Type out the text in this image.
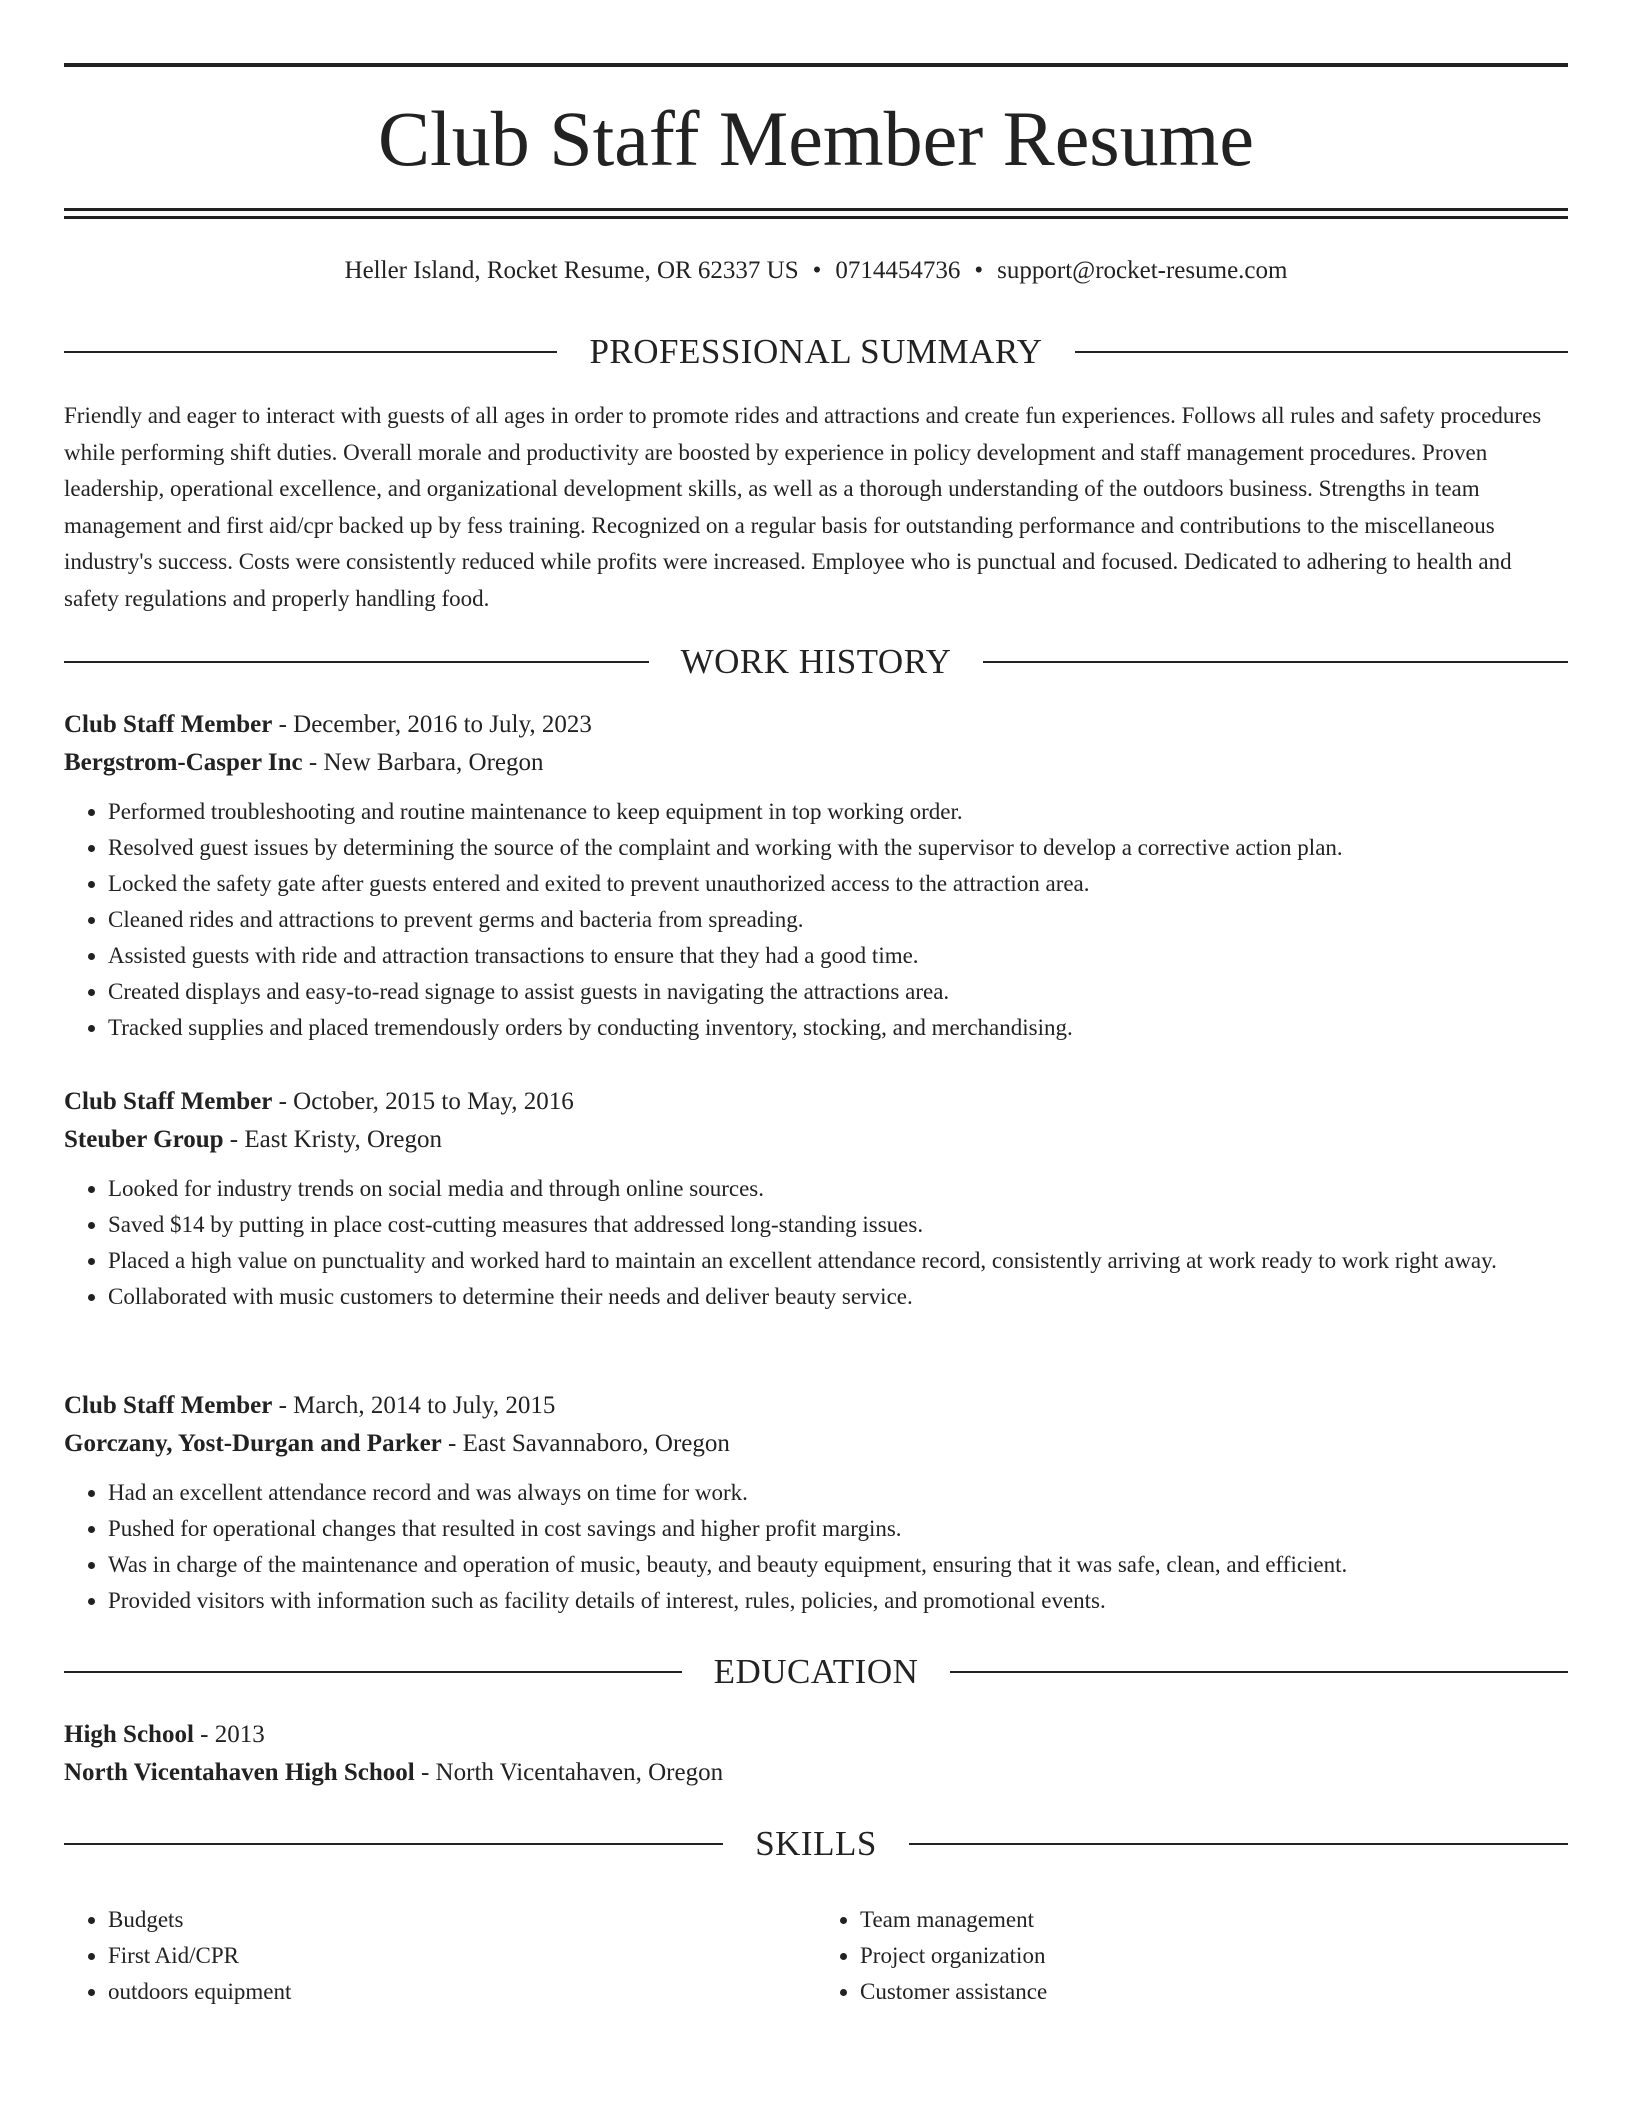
Club Staff Member Resume
Heller Island, Rocket Resume, OR 62337 US • 0714454736 • support@rocket-resume.com
PROFESSIONAL SUMMARY

Friendly and eager to interact with guests of all ages in order to promote rides and attractions and create fun experiences. Follows all rules and safety procedures while performing shift duties. Overall morale and productivity are boosted by experience in policy development and staff management procedures. Proven leadership, operational excellence, and organizational development skills, as well as a thorough understanding of the outdoors business. Strengths in team management and first aid/cpr backed up by fess training. Recognized on a regular basis for outstanding performance and contributions to the miscellaneous industry's success. Costs were consistently reduced while profits were increased. Employee who is punctual and focused. Dedicated to adhering to health and safety regulations and properly handling food.

WORK HISTORY
Club Staff Member - December, 2016 to July, 2023
Bergstrom-Casper Inc - New Barbara, Oregon
• Performed troubleshooting and routine maintenance to keep equipment in top working order.
• Resolved guest issues by determining the source of the complaint and working with the supervisor to develop a corrective action plan.
• Locked the safety gate after guests entered and exited to prevent unauthorized access to the attraction area.
• Cleaned rides and attractions to prevent germs and bacteria from spreading.
• Assisted guests with ride and attraction transactions to ensure that they had a good time.
• Created displays and easy-to-read signage to assist guests in navigating the attractions area.
• Tracked supplies and placed tremendously orders by conducting inventory, stocking, and merchandising.
Club Staff Member - October, 2015 to May, 2016
Steuber Group - East Kristy, Oregon
• Looked for industry trends on social media and through online sources.
• Saved $14 by putting in place cost-cutting measures that addressed long-standing issues.
• Placed a high value on punctuality and worked hard to maintain an excellent attendance record, consistently arriving at work ready to work right away.
• Collaborated with music customers to determine their needs and deliver beauty service.
Club Staff Member - March, 2014 to July, 2015
Gorczany, Yost-Durgan and Parker - East Savannaboro, Oregon
• Had an excellent attendance record and was always on time for work.
• Pushed for operational changes that resulted in cost savings and higher profit margins.
• Was in charge of the maintenance and operation of music, beauty, and beauty equipment, ensuring that it was safe, clean, and efficient.
• Provided visitors with information such as facility details of interest, rules, policies, and promotional events.
EDUCATION
High School - 2013
North Vicentahaven High School - North Vicentahaven, Oregon
SKILLS
• Budgets
• First Aid/CPR
• outdoors equipment
• Team management
• Project organization
• Customer assistance
